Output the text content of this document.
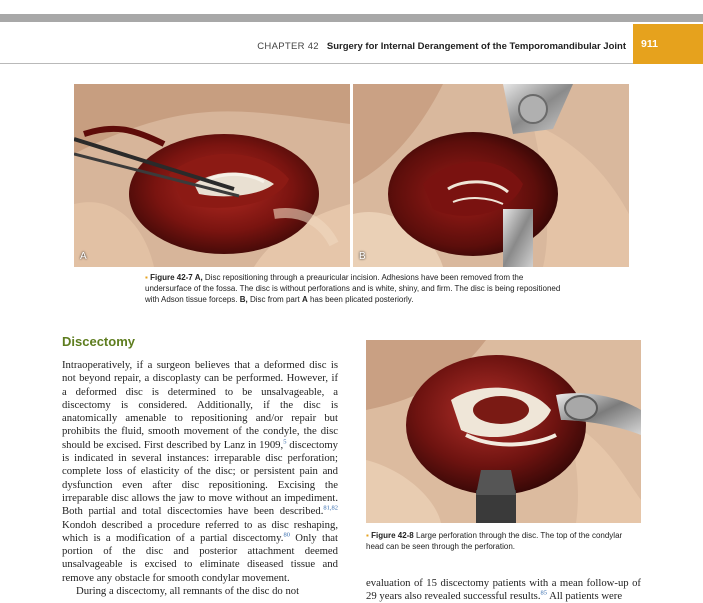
CHAPTER 42 Surgery for Internal Derangement of the Temporomandibular Joint	911
A	B
▪ Figure 42-7 A, Disc repositioning through a preauricular incision. Adhesions have been removed from the undersurface of the fossa. The disc is without perforations and is white, shiny, and firm. The disc is being repositioned with Adson tissue forceps. B, Disc from part A has been plicated posteriorly.
Discectomy

Intraoperatively, if a surgeon believes that a deformed disc is not beyond repair, a discoplasty can be performed. However, if a deformed disc is determined to be unsalvageable, a discectomy is considered. Additionally, if the disc is anatomically amenable to repositioning and/or repair but prohibits the fluid, smooth movement of the condyle, the disc should be excised. First described by Lanz in 1909,$^5$ discectomy is indicated in several instances: irreparable disc perforation; complete loss of elasticity of the disc; or persistent pain and dysfunction even after disc repositioning. Excising the irreparable disc allows the jaw to move without an impediment. Both partial and total discectomies have been described.$^{81,82}$ Kondoh described a procedure referred to as disc reshaping, which is a modification of a partial discectomy.$^{80}$ Only that portion of the disc and posterior attachment deemed unsalvageable is excised to eliminate diseased tissue and remove any obstacle for smooth condylar movement.

During a discectomy, all remnants of the disc do not

▪ Figure 42-8 Large perforation through the disc. The top of the condylar head can be seen through the perforation.
evaluation of 15 discectomy patients with a mean follow-up of 29 years also revealed successful results.$^{85}$ All patients were
